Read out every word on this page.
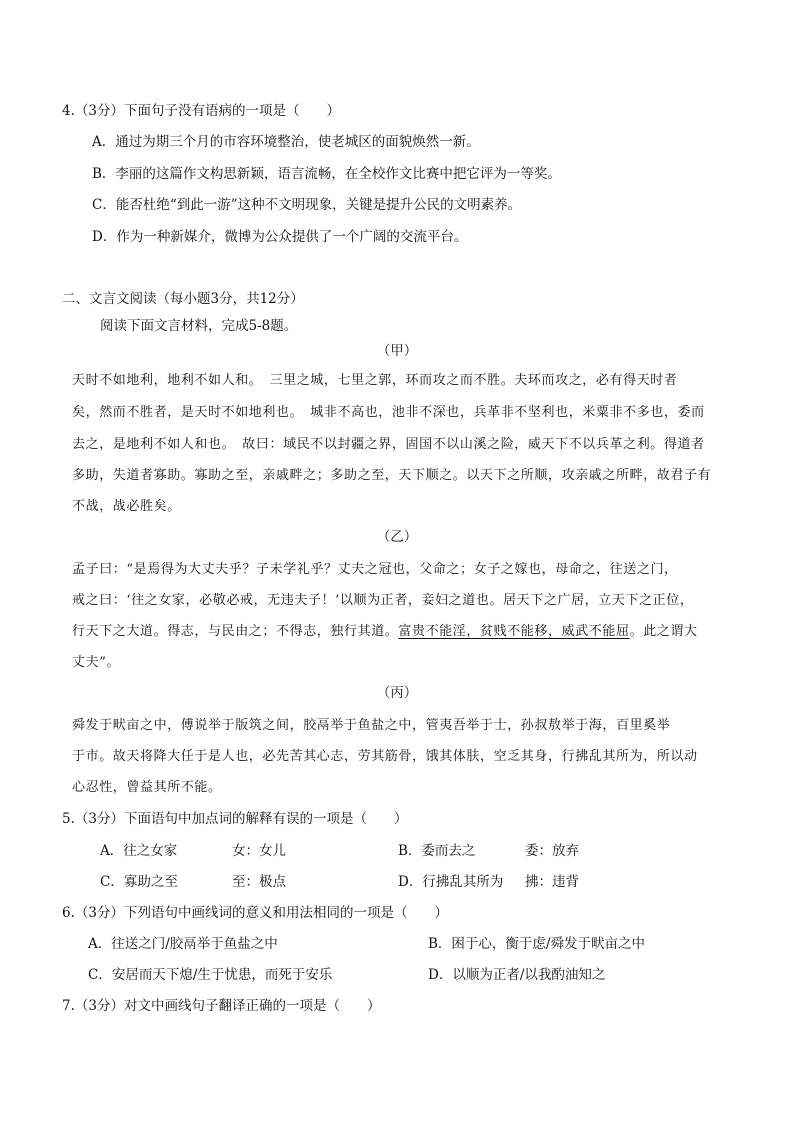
4.（3分）下面句子没有语病的一项是（　　）
A．通过为期三个月的市容环境整治，使老城区的面貌焕然一新。
B．李丽的这篇作文构思新颖，语言流畅，在全校作文比赛中把它评为一等奖。
C．能否杜绝“到此一游”这种不文明现象，关键是提升公民的文明素养。
D．作为一种新媒介，微博为公众提供了一个广阔的交流平台。
二、文言文阅读（每小题3分，共12分）
阅读下面文言材料，完成5-8题。
（甲）
天时不如地利，地利不如人和。　三里之城，七里之郭，环而攻之而不胜。夫环而攻之，必有得天时者
矣，然而不胜者，是天时不如地利也。　城非不高也，池非不深也，兵革非不坚利也，米粟非不多也，委而
去之，是地利不如人和也。　故曰：域民不以封疆之界，固国不以山溪之险，威天下不以兵革之利。得道者
多助，失道者寡助。寡助之至，亲戚畔之；多助之至，天下顺之。以天下之所顺，攻亲戚之所畔，故君子有
不战，战必胜矣。
（乙）
孟子曰：“是焉得为大丈夫乎？子未学礼乎？丈夫之冠也，父命之；女子之嫁也，母命之，往送之门，
戒之曰：‘往之女家，必敬必戒，无违夫子！’以顺为正者，妾妇之道也。居天下之广居，立天下之正位，
行天下之大道。得志，与民由之；不得志，独行其道。富贵不能淫，贫贱不能移，威武不能屈。此之谓大
丈夫”。
（丙）
舜发于畎亩之中，傅说举于版筑之间，胶鬲举于鱼盐之中，管夷吾举于士，孙叔敖举于海，百里奚举
于市。故天将降大任于是人也，必先苦其心志，劳其筋骨，饿其体肤，空乏其身，行拂乱其所为，所以动
心忍性，曾益其所不能。
5.（3分）下面语句中加点词的解释有误的一项是（　　）
A．往之女家	女：女儿	B．委而去之	委：放弃
C．寡助之至	至：极点	D．行拂乱其所为 拂：违背
6.（3分）下列语句中画线词的意义和用法相同的一项是（　　）
A．往送之门/胶鬲举于鱼盐之中	B．困于心，衡于虑/舜发于畎亩之中
C．安居而天下熄/生于忧患，而死于安乐	D．以顺为正者/以我酌油知之
7.（3分）对文中画线句子翻译正确的一项是（　　）
